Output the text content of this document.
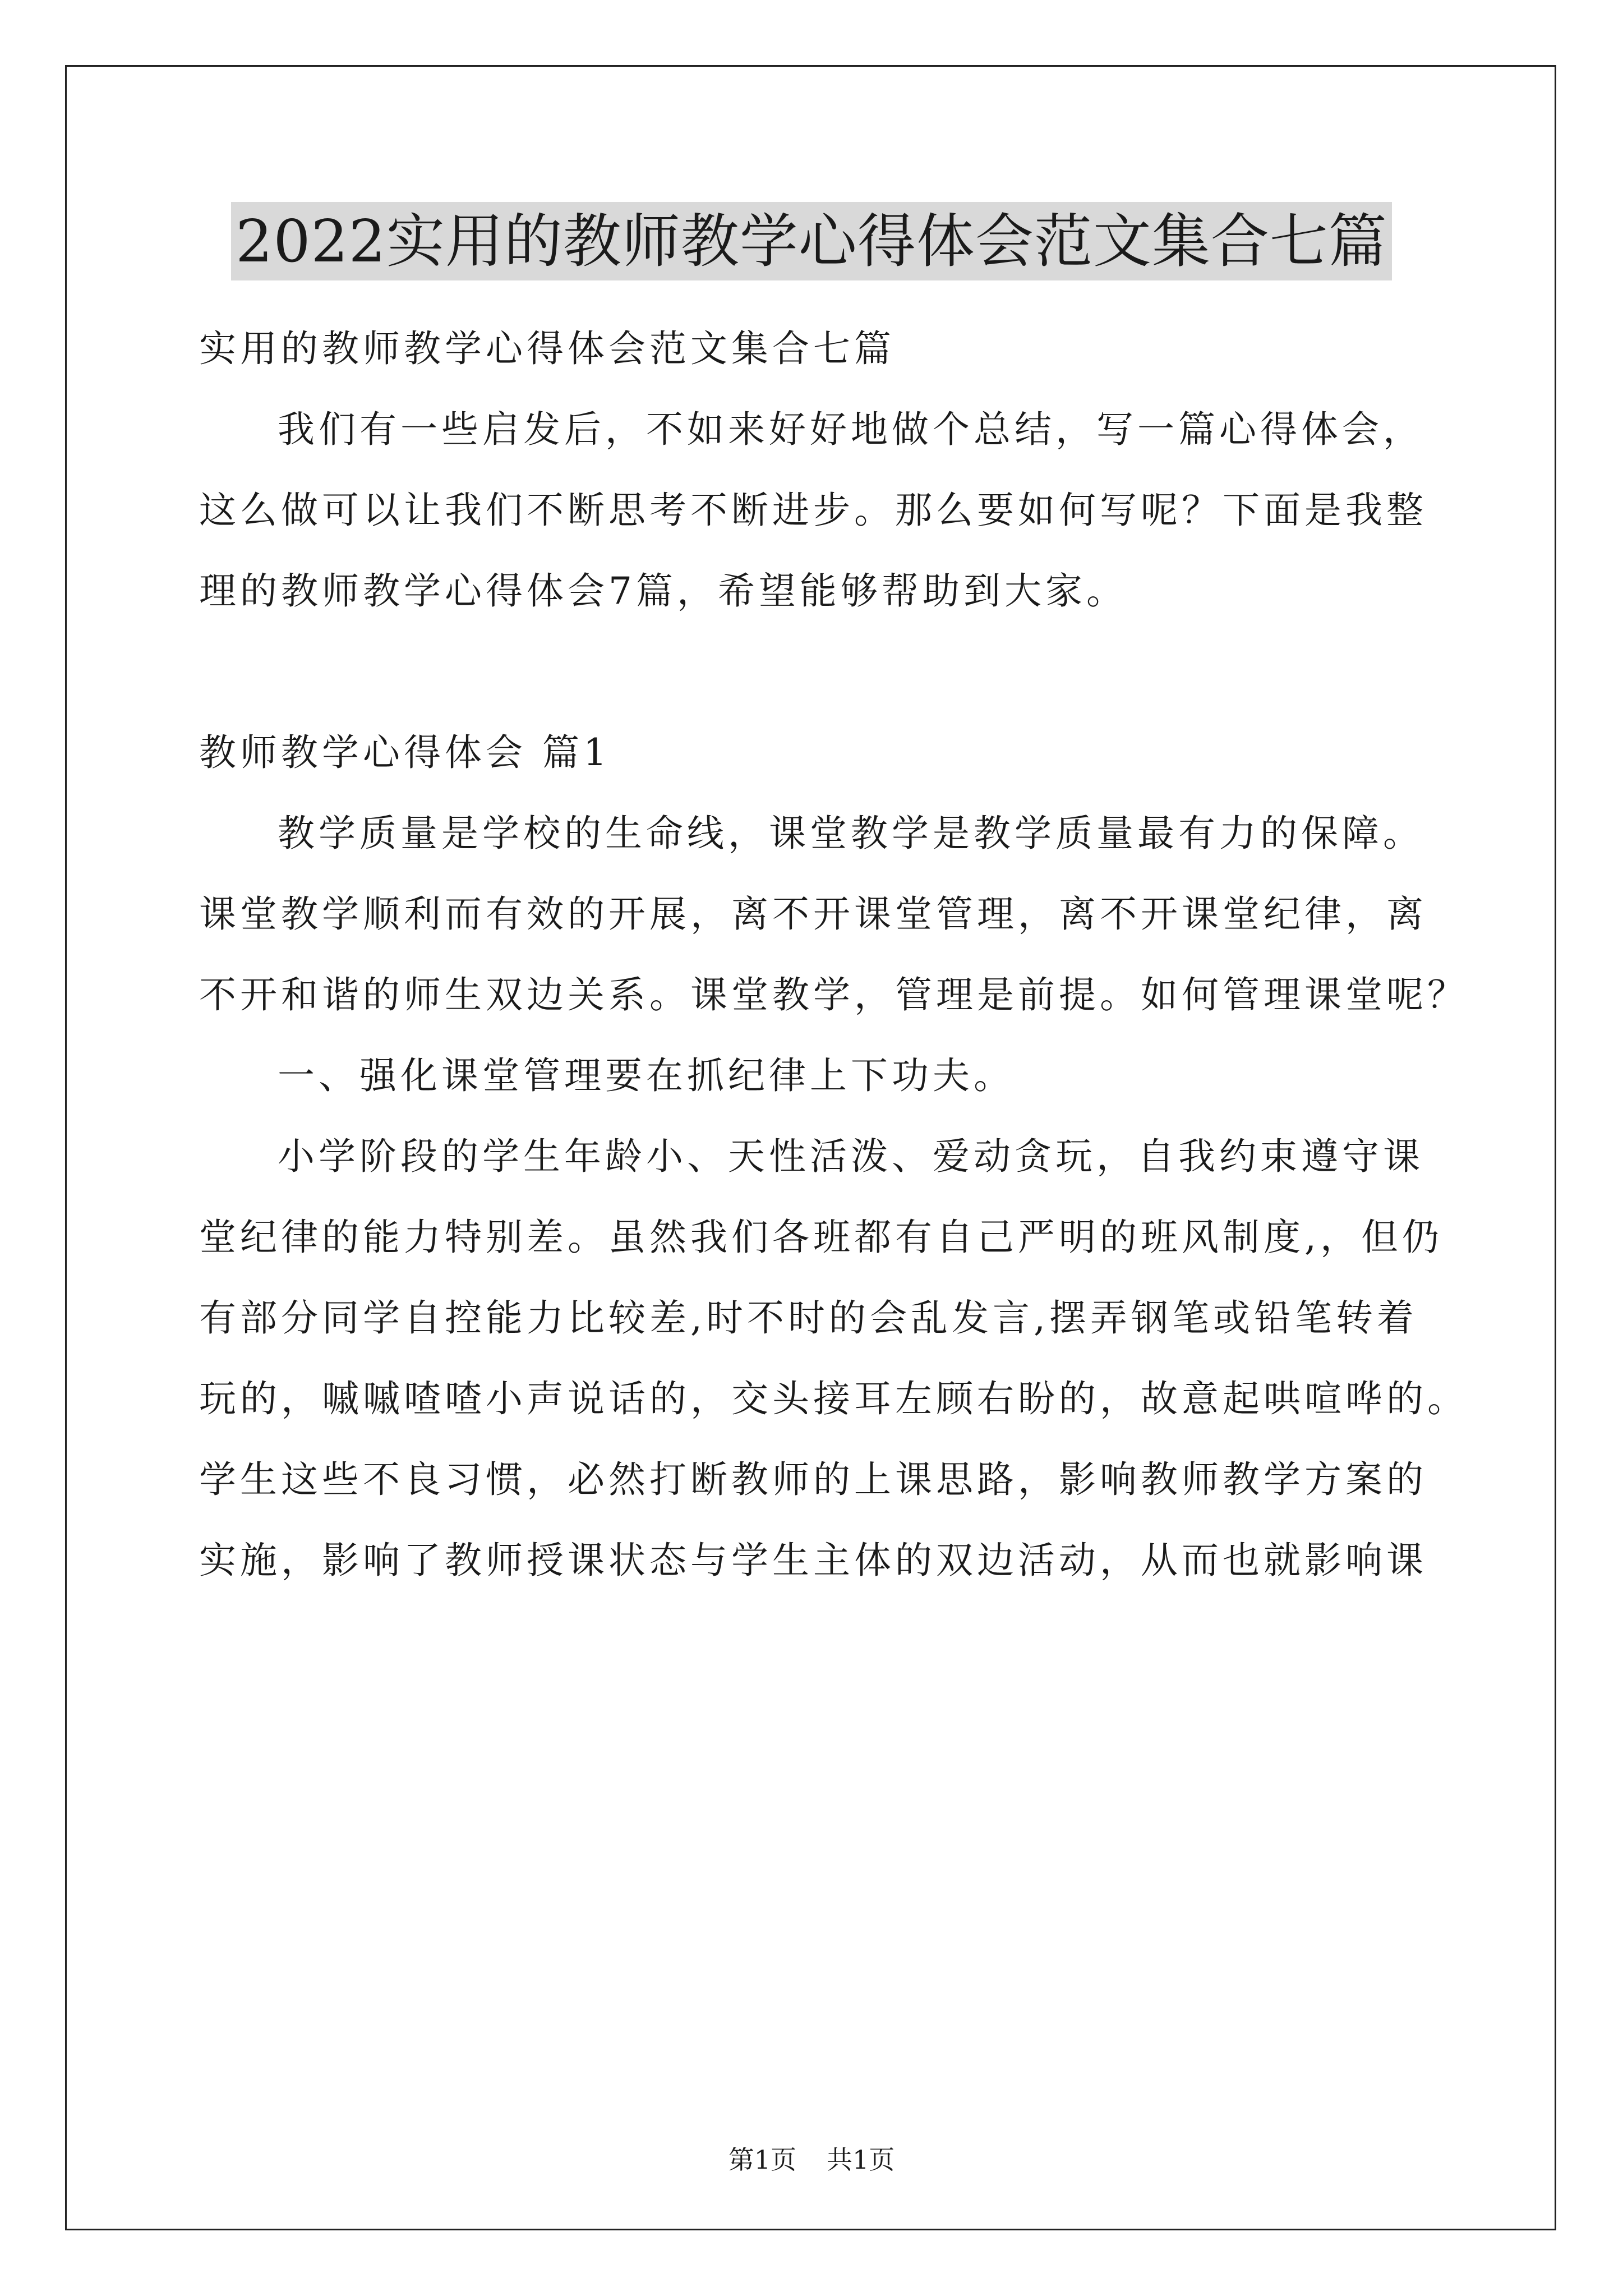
2022实用的教师教学心得体会范文集合七篇
实用的教师教学心得体会范文集合七篇
我们有一些启发后，不如来好好地做个总结，写一篇心得体会，
这么做可以让我们不断思考不断进步。那么要如何写呢？下面是我整
理的教师教学心得体会7篇，希望能够帮助到大家。
教师教学心得体会 篇1
教学质量是学校的生命线，课堂教学是教学质量最有力的保障。
课堂教学顺利而有效的开展，离不开课堂管理，离不开课堂纪律，离
不开和谐的师生双边关系。课堂教学，管理是前提。如何管理课堂呢？
一、强化课堂管理要在抓纪律上下功夫。
小学阶段的学生年龄小、天性活泼、爱动贪玩，自我约束遵守课
堂纪律的能力特别差。虽然我们各班都有自己严明的班风制度,，但仍
有部分同学自控能力比较差,时不时的会乱发言,摆弄钢笔或铅笔转着
玩的，嘁嘁喳喳小声说话的，交头接耳左顾右盼的，故意起哄喧哗的。
学生这些不良习惯，必然打断教师的上课思路，影响教师教学方案的
实施，影响了教师授课状态与学生主体的双边活动，从而也就影响课
第1页 共1页
